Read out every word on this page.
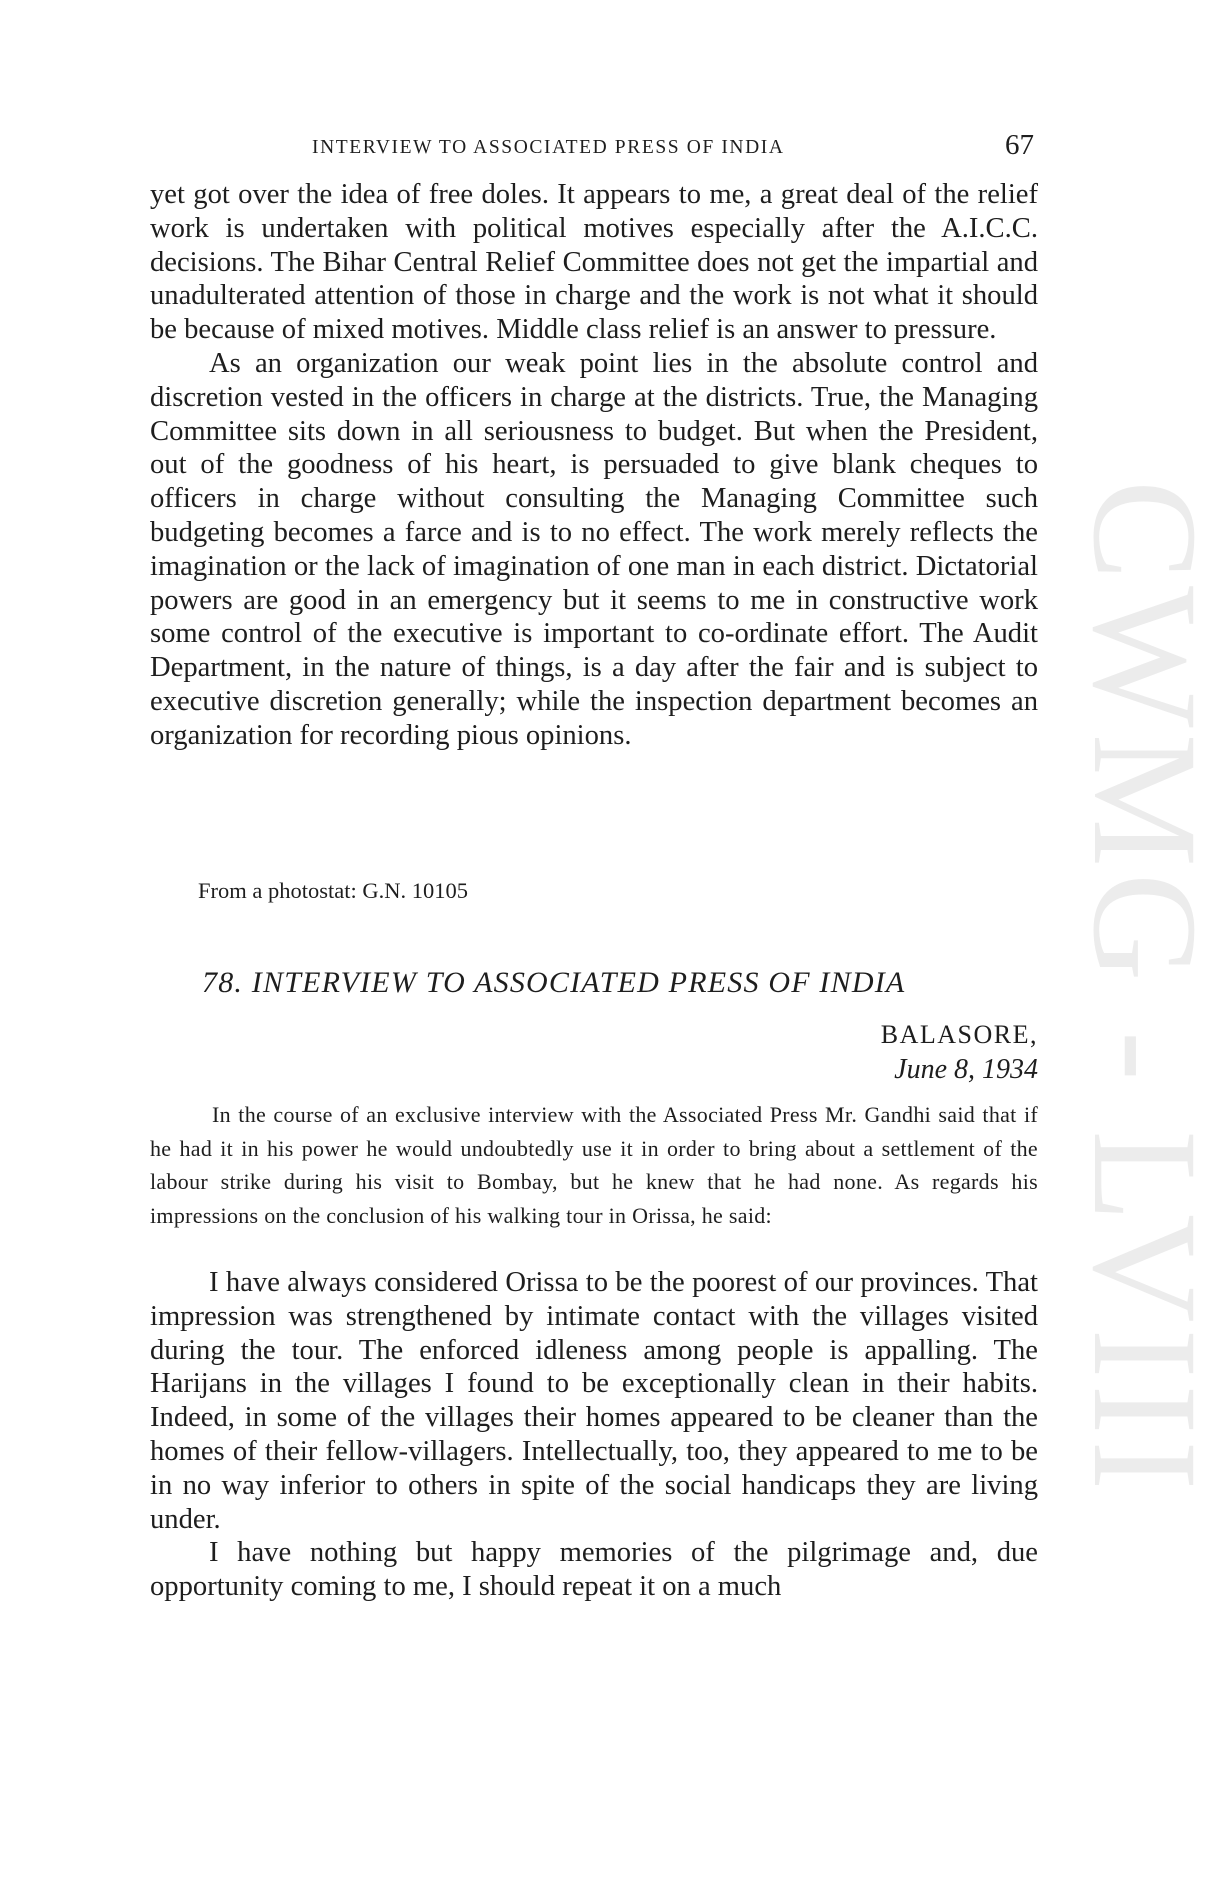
CWMG - LVIII
INTERVIEW TO ASSOCIATED PRESS OF INDIA	67

yet got over the idea of free doles. It appears to me, a great deal of the relief work is undertaken with political motives especially after the A.I.C.C. decisions. The Bihar Central Relief Committee does not get the impartial and unadulterated attention of those in charge and the work is not what it should be because of mixed motives. Middle class relief is an answer to pressure.

As an organization our weak point lies in the absolute control and discretion vested in the officers in charge at the districts. True, the Managing Committee sits down in all seriousness to budget. But when the President, out of the goodness of his heart, is persuaded to give blank cheques to officers in charge without consulting the Managing Committee such budgeting becomes a farce and is to no effect. The work merely reflects the imagination or the lack of imagination of one man in each district. Dictatorial powers are good in an emergency but it seems to me in constructive work some control of the executive is important to co-ordinate effort. The Audit Department, in the nature of things, is a day after the fair and is subject to executive discretion generally; while the inspection department becomes an organization for recording pious opinions.

From a photostat: G.N. 10105
78. INTERVIEW TO ASSOCIATED PRESS OF INDIA
BALASORE,
June 8, 1934

In the course of an exclusive interview with the Associated Press Mr. Gandhi said that if he had it in his power he would undoubtedly use it in order to bring about a settlement of the labour strike during his visit to Bombay, but he knew that he had none. As regards his impressions on the conclusion of his walking tour in Orissa, he said:

I have always considered Orissa to be the poorest of our provinces. That impression was strengthened by intimate contact with the villages visited during the tour. The enforced idleness among people is appalling. The Harijans in the villages I found to be exceptionally clean in their habits. Indeed, in some of the villages their homes appeared to be cleaner than the homes of their fellow-villagers. Intellectually, too, they appeared to me to be in no way inferior to others in spite of the social handicaps they are living under.

I have nothing but happy memories of the pilgrimage and, due opportunity coming to me, I should repeat it on a much
